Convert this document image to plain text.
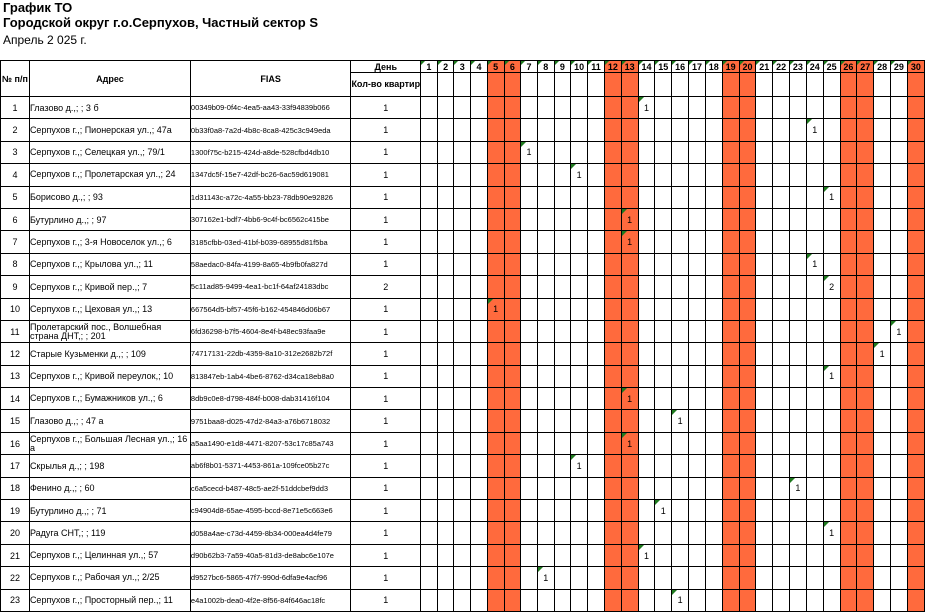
График ТО
Городской округ г.о.Серпухов, Частный сектор S
Апрель 2 025 г.
№ п/п	Адрес	FIAS	День	1	2	3	4	5	6	7	8	9	10	11	12	13	14	15	16	17	18	19	20	21	22	23	24	25	26	27	28	29	30
			Кол-во квартир																														
1	Глазово д.,; ; 3 б	00349b09-0f4c-4ea5-aa43-33f94839b066	1														1																

2	Серпухов г.,; Пионерская ул.,; 47а	0b33f0a8-7a2d-4b8c-8ca8-425c3c949eda	1																								1						

3	Серпухов г.,; Селецкая ул.,; 79/1	1300f75c-b215-424d-a8de-528cfbd4db10	1							1																							

4	Серпухов г.,; Пролетарская ул.,; 24	1347dc5f-15e7-42df-bc26-6ac59d619081	1										1																				

5	Борисово д.,; ; 93	1d31143c-a72c-4a55-bb23-78db90e92826	1																									1					

6	Бутурлино д.,; ; 97	307162e1-bdf7-4bb6-9c4f-bc6562c415be	1													1																	

7	Серпухов г.,; 3-я Новоселок ул.,; 6	3185cfbb-03ed-41bf-b039-68955d81f5ba	1													1																	

8	Серпухов г.,; Крылова ул.,; 11	58aedac0-84fa-4199-8a65-4b9fb0fa827d	1																								1						

9	Серпухов г.,; Кривой пер.,; 7	5c11ad85-9499-4ea1-bc1f-64af24183dbc	2																									2					

10	Серпухов г.,; Цеховая ул.,; 13	667564d5-bf57-45f6-b162-454846d06b67	1					1																									

11	Пролетарский пос., Волшебная страна ДНТ,; ; 201	6fd36298-b7f5-4604-8e4f-b48ec93faa9e	1																													1	

12	Старые Кузьменки д.,; ; 109	74717131-22db-4359-8a10-312e2682b72f	1																												1		

13	Серпухов г.,; Кривой переулок,; 10	813847eb-1ab4-4be6-8762-d34ca18eb8a0	1																									1					

14	Серпухов г.,; Бумажников ул.,; 6	8db9c0e8-d798-484f-b008-dab31416f104	1													1																	

15	Глазово д.,; ; 47 а	9751baa8-d025-47d2-84a3-a76b6718032	1																1														

16	Серпухов г.,; Большая Лесная ул.,; 16 а	a5aa1490-e1d8-4471-8207-53c17c85a743	1													1																	

17	Скрылья д.,; ; 198	ab6f8b01-5371-4453-861a-109fce05b27c	1										1																				

18	Фенино д.,; ; 60	c6a5cecd-b487-48c5-ae2f-51ddcbef9dd3	1																							1							

19	Бутурлино д.,; ; 71	c94904d8-65ae-4595-bccd-8e71e5c663e6	1															1															

20	Радуга СНТ,; ; 119	d058a4ae-c73d-4459-8b34-000ea4d4fe79	1																									1					

21	Серпухов г.,; Целинная ул.,; 57	d90b62b3-7a59-40a5-81d3-de8abc6e107e	1														1																

22	Серпухов г.,; Рабочая ул.,; 2/25	d9527bc6-5865-47f7-990d-6dfa9e4acf96	1								1																						

23	Серпухов г.,; Просторный пер.,; 11	e4a1002b-dea0-4f2e-8f56-84f646ac18fc	1																1														
